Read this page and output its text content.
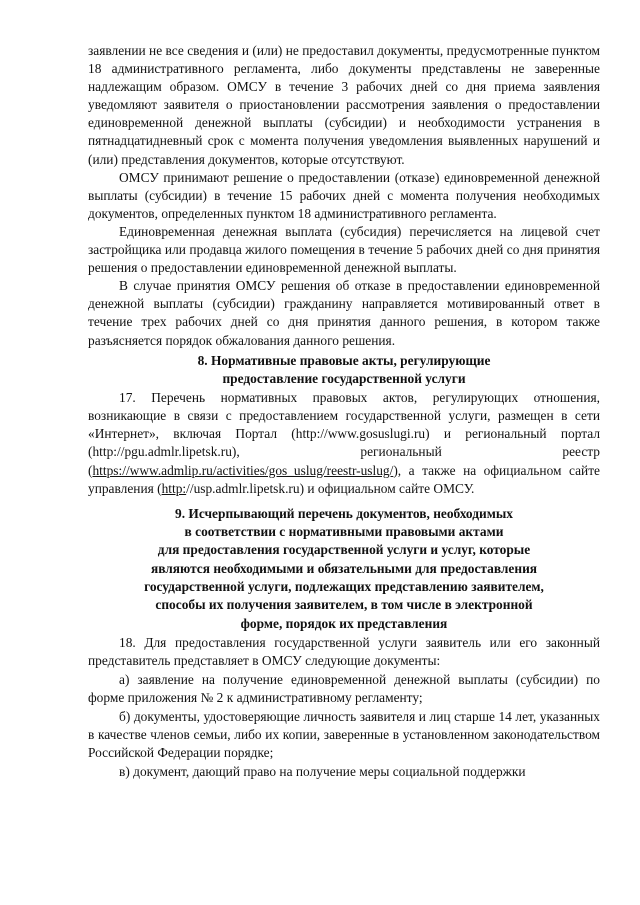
заявлении не все сведения и (или) не предоставил документы, предусмотренные пунктом 18 административного регламента, либо документы представлены не заверенные надлежащим образом. ОМСУ в течение 3 рабочих дней со дня приема заявления уведомляют заявителя о приостановлении рассмотрения заявления о предоставлении единовременной денежной выплаты (субсидии) и необходимости устранения в пятнадцатидневный срок с момента получения уведомления выявленных нарушений и (или) представления документов, которые отсутствуют.

ОМСУ принимают решение о предоставлении (отказе) единовременной денежной выплаты (субсидии) в течение 15 рабочих дней с момента получения необходимых документов, определенных пунктом 18 административного регламента.

Единовременная денежная выплата (субсидия) перечисляется на лицевой счет застройщика или продавца жилого помещения в течение 5 рабочих дней со дня принятия решения о предоставлении единовременной денежной выплаты.

В случае принятия ОМСУ решения об отказе в предоставлении единовременной денежной выплаты (субсидии) гражданину направляется мотивированный ответ в течение трех рабочих дней со дня принятия данного решения, в котором также разъясняется порядок обжалования данного решения.

8. Нормативные правовые акты, регулирующие
предоставление государственной услуги

17. Перечень нормативных правовых актов, регулирующих отношения, возникающие в связи с предоставлением государственной услуги, размещен в сети «Интернет», включая Портал (http://www.gosuslugi.ru) и региональный портал (http://pgu.admlr.lipetsk.ru), региональный реестр (https://www.admlip.ru/activities/gos_uslug/reestr-uslug/), а также на официальном сайте управления (http://usp.admlr.lipetsk.ru) и официальном сайте ОМСУ.

9. Исчерпывающий перечень документов, необходимых
в соответствии с нормативными правовыми актами
для предоставления государственной услуги и услуг, которые
являются необходимыми и обязательными для предоставления
государственной услуги, подлежащих представлению заявителем,
способы их получения заявителем, в том числе в электронной
форме, порядок их представления

18. Для предоставления государственной услуги заявитель или его законный представитель представляет в ОМСУ следующие документы:

а) заявление на получение единовременной денежной выплаты (субсидии) по форме приложения № 2 к административному регламенту;

б) документы, удостоверяющие личность заявителя и лиц старше 14 лет, указанных в качестве членов семьи, либо их копии, заверенные в установленном законодательством Российской Федерации порядке;

в) документ, дающий право на получение меры социальной поддержки
